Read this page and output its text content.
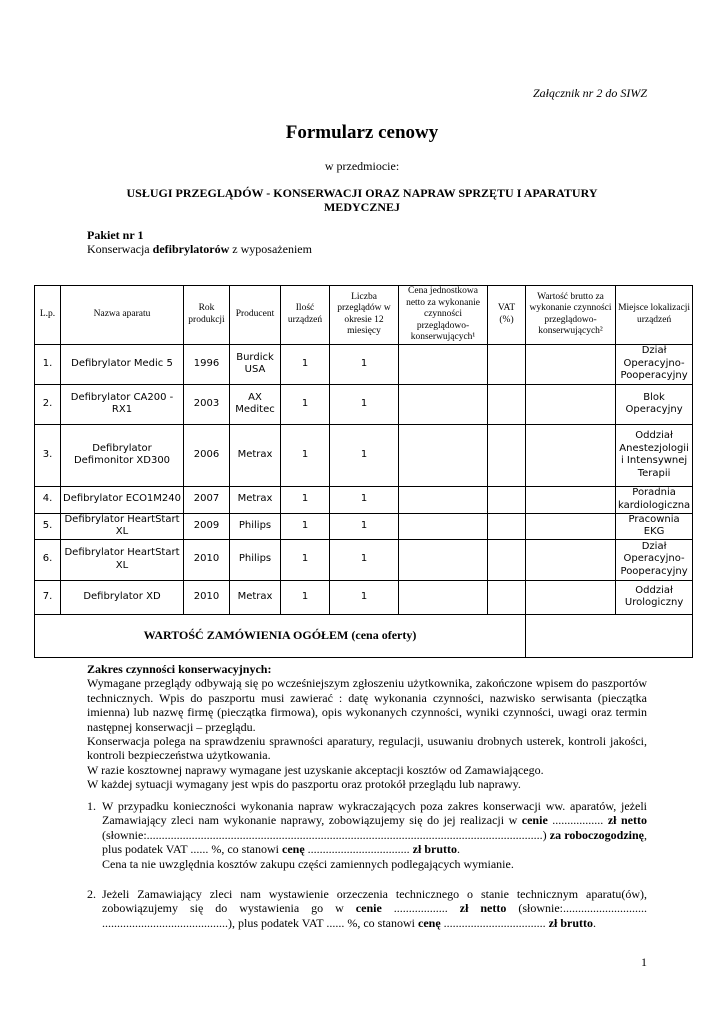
Załącznik nr 2 do SIWZ
Formularz cenowy
w przedmiocie:
USŁUGI PRZEGLĄDÓW - KONSERWACJI ORAZ NAPRAW SPRZĘTU I APARATURY MEDYCZNEJ
Pakiet nr 1
Konserwacja defibrylatorów z wyposażeniem
L.p.	Nazwa aparatu	Rok produkcji	Producent	Ilość urządzeń	Liczba przeglądów w okresie 12 miesięcy	Cena jednostkowa netto za wykonanie czynności przeglądowo-konserwujących¹	VAT (%)	Wartość brutto za wykonanie czynności przeglądowo-konserwujących²	Miejsce lokalizacji urządzeń
1.	Defibrylator Medic 5	1996	Burdick USA	1	1				Dział Operacyjno-Pooperacyjny
2.	Defibrylator CA200 - RX1	2003	AX Meditec	1	1				Blok Operacyjny
3.	Defibrylator Defimonitor XD300	2006	Metrax	1	1				Oddział Anestezjologii i Intensywnej Terapii
4.	Defibrylator ECO1M240	2007	Metrax	1	1				Poradnia kardiologiczna
5.	Defibrylator HeartStart XL	2009	Philips	1	1				Pracownia EKG
6.	Defibrylator HeartStart XL	2010	Philips	1	1				Dział Operacyjno-Pooperacyjny
7.	Defibrylator XD	2010	Metrax	1	1				Oddział Urologiczny
WARTOŚĆ ZAMÓWIENIA OGÓŁEM (cena oferty)									

Zakres czynności konserwacyjnych:

Wymagane przeglądy odbywają się po wcześniejszym zgłoszeniu użytkownika, zakończone wpisem do paszportów technicznych. Wpis do paszportu musi zawierać : datę wykonania czynności, nazwisko serwisanta (pieczątka imienna) lub nazwę firmę (pieczątka firmowa), opis wykonanych czynności, wyniki czynności, uwagi oraz termin następnej konserwacji – przeglądu.

Konserwacja polega na sprawdzeniu sprawności aparatury, regulacji, usuwaniu drobnych usterek, kontroli jakości, kontroli bezpieczeństwa użytkowania.

W razie kosztownej naprawy wymagane jest uzyskanie akceptacji kosztów od Zamawiającego.

W każdej sytuacji wymagany jest wpis do paszportu oraz protokół przeglądu lub naprawy.

1. W przypadku konieczności wykonania napraw wykraczających poza zakres konserwacji ww. aparatów, jeżeli Zamawiający zleci nam wykonanie naprawy, zobowiązujemy się do jej realizacji w cenie ................. zł netto (słownie:....................................................................................................................................) za roboczogodzinę, plus podatek VAT ...... %, co stanowi cenę .................................. zł brutto.

Cena ta nie uwzględnia kosztów zakupu części zamiennych podlegających wymianie.

2. Jeżeli Zamawiający zleci nam wystawienie orzeczenia technicznego o stanie technicznym aparatu(ów), zobowiązujemy się do wystawienia go w cenie .................. zł netto (słownie:............................ ..........................................), plus podatek VAT ...... %, co stanowi cenę .................................. zł brutto.

1
